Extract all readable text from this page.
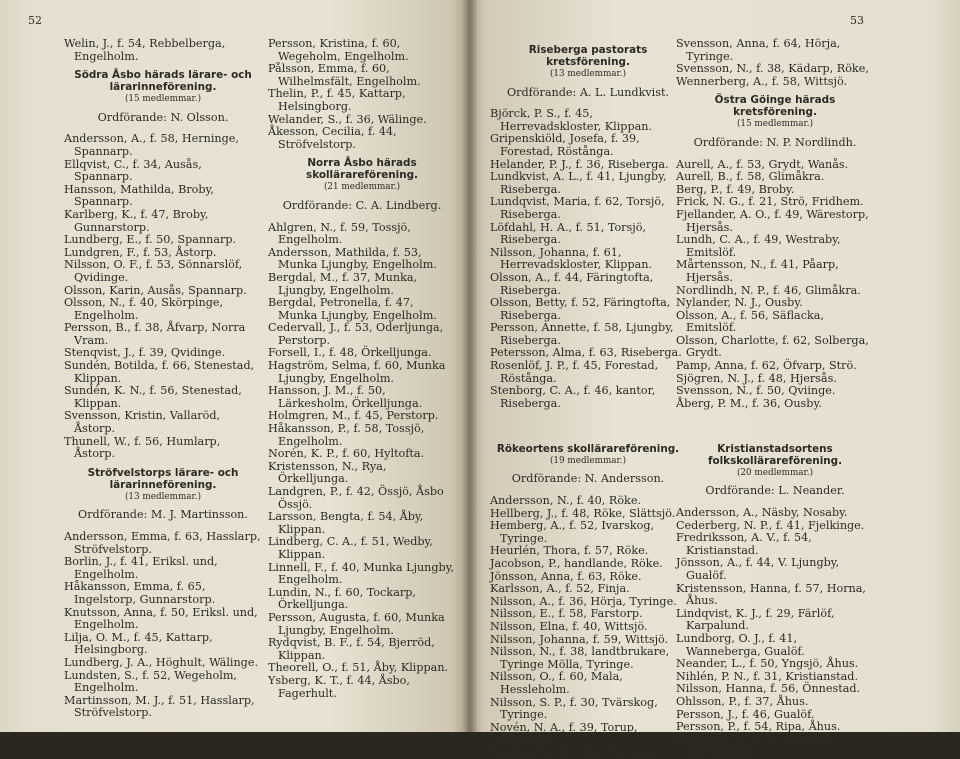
52

Welin, J., f. 54, Rebbelberga, Engelholm.

Södra Åsbo härads lärare- och lärarinneförening.

(15 medlemmar.)

Ordförande: N. Olsson.

Andersson, A., f. 58, Herninge, Spannarp.

Ellqvist, C., f. 34, Ausås, Spannarp.

Hansson, Mathilda, Broby, Spannarp.

Karlberg, K., f. 47, Broby, Gunnarstorp.

Lundberg, E., f. 50, Spannarp.

Lundgren, F., f. 53, Åstorp.

Nilsson, O. F., f. 53, Sönnarslöf, Qvidinge.

Olsson, Karin, Ausås, Spannarp.

Olsson, N., f. 40, Skörpinge, Engelholm.

Persson, B., f. 38, Åfvarp, Norra Vram.

Stenqvist, J., f. 39, Qvidinge.

Sundén, Botilda, f. 66, Stenestad, Klippan.

Sundén, K. N., f. 56, Stenestad, Klippan.

Svensson, Kristin, Vallaröd, Åstorp.

Thunell, W., f. 56, Humlarp, Åstorp.

Ströfvelstorps lärare- och

lärarinneförening.

(13 medlemmar.)

Ordförande: M. J. Martinsson.

Andersson, Emma, f. 63, Hasslarp, Ströfvelstorp.

Borlin, J., f. 41, Eriksl. und, Engelholm.

Håkansson, Emma, f. 65, Ingelstorp, Gunnarstorp.

Knutsson, Anna, f. 50, Eriksl. und, Engelholm.

Lilja, O. M., f. 45, Kattarp, Helsingborg.

Lundberg, J. A., Höghult, Wälinge.

Lundsten, S., f. 52, Wegeholm, Engelholm.

Martinsson, M. J., f. 51, Hasslarp, Ströfvelstorp.

Persson, Kristina, f. 60, Wegeholm, Engelholm.

Pålsson, Emma, f. 60, Wilhelmsfält, Engelholm.

Thelin, P., f. 45, Kattarp, Helsingborg.

Welander, S., f. 36, Wälinge.

Åkesson, Cecilia, f. 44, Ströfvelstorp.

Norra Åsbo härads skollärareförening.

(21 medlemmar.)

Ordförande: C. A. Lindberg.

Ahlgren, N., f. 59, Tossjö, Engelholm.

Andersson, Mathilda, f. 53, Munka Ljungby, Engelholm.

Bergdal, M., f. 37, Munka, Ljungby, Engelholm.

Bergdal, Petronella, f. 47, Munka Ljungby, Engelholm.

Cedervall, J., f. 53, Oderljunga, Perstorp.

Forsell, I., f. 48, Örkelljunga.

Hagström, Selma, f. 60, Munka Ljungby, Engelholm.

Hansson, J. M., f. 50, Lärkesholm, Örkelljunga.

Holmgren, M., f. 45, Perstorp.

Håkansson, P., f. 58, Tossjö, Engelholm.

Norén, K. P., f. 60, Hyltofta.

Kristensson, N., Rya, Örkelljunga.

Landgren, P., f. 42, Össjö, Åsbo Össjö.

Larsson, Bengta, f. 54, Åby, Klippan.

Lindberg, C. A., f. 51, Wedby, Klippan.

Linnell, F., f. 40, Munka Ljungby, Engelholm.

Lundin, N., f. 60, Tockarp, Örkelljunga.

Persson, Augusta, f. 60, Munka Ljungby, Engelholm.

Rydqvist, B. F., f. 54, Bjerröd, Klippan.

Theorell, O., f. 51, Åby, Klippan.

Ysberg, K. T., f. 44, Åsbo, Fagerhult.

53

Riseberga pastorats kretsförening.

(13 medlemmar.)

Ordförande: A. L. Lundkvist.

Björck, P. S., f. 45, Herrevadskloster, Klippan.

Gripenskiöld, Josefa, f. 39, Forestad, Röstånga.

Helander, P. J., f. 36, Riseberga.

Lundkvist, A. L., f. 41, Ljungby, Riseberga.

Lundqvist, Maria, f. 62, Torsjö, Riseberga.

Löfdahl, H. A., f. 51, Torsjö, Riseberga.

Nilsson, Johanna, f. 61, Herrevadskloster, Klippan.

Olsson, A., f. 44, Färingtofta, Riseberga.

Olsson, Betty, f. 52, Färingtofta, Riseberga.

Persson, Annette, f. 58, Ljungby, Riseberga.

Petersson, Alma, f. 63, Riseberga.

Rosenlöf, J. P., f. 45, Forestad, Röstånga.

Stenborg, C. A., f. 46, kantor, Riseberga.

Rökeortens skollärareförening.

(19 medlemmar.)

Ordförande: N. Andersson.

Andersson, N., f. 40, Röke.

Hellberg, J., f. 48, Röke, Slättsjö.

Hemberg, A., f. 52, Ivarskog, Tyringe.

Heurlén, Thora, f. 57, Röke.

Jacobson, P., handlande, Röke.

Jönsson, Anna, f. 63, Röke.

Karlsson, A., f. 52, Finja.

Nilsson, A., f. 36, Hörja, Tyringe.

Nilsson, E., f. 58, Farstorp.

Nilsson, Elna, f. 40, Wittsjö.

Nilsson, Johanna, f. 59, Wittsjö.

Nilsson, N., f. 38, landtbrukare, Tyringe Mölla, Tyringe.

Nilsson, O., f. 60, Mala, Hessleholm.

Nilsson, S. P., f. 30, Tvärskog, Tyringe.

Novén, N. A., f. 39, Torup, Perstorp.

Rosenqvist, J., f. 42, Farstorp.

Svensson, Anna, f. 64, Hörja, Tyringe.

Svensson, N., f. 38, Kädarp, Röke,

Wennerberg, A., f. 58, Wittsjö.

Östra Göinge härads kretsförening.

(15 medlemmar.)

Ordförande: N. P. Nordlindh.

Aurell, A., f. 53, Grydt, Wanås.

Aurell, B., f. 58, Glimåkra.

Berg, P., f. 49, Broby.

Frick, N. G., f. 21, Strö, Fridhem.

Fjellander, A. O., f. 49, Wärestorp, Hjersås.

Lundh, C. A., f. 49, Westraby, Emitslöf.

Mårtensson, N., f. 41, Påarp, Hjersås.

Nordlindh, N. P., f. 46, Glimåkra.

Nylander, N. J., Ousby.

Olsson, A., f. 56, Säflacka, Emitslöf.

Olsson, Charlotte, f. 62, Solberga, Grydt.

Pamp, Anna, f. 62, Öfvarp, Strö.

Sjögren, N. J., f. 48, Hjersås.

Svensson, N., f. 50, Qviinge.

Åberg, P. M., f. 36, Ousby.

Kristianstadsortens folkskollärareförening.

(20 medlemmar.)

Ordförande: L. Neander.

Andersson, A., Näsby, Nosaby.

Cederberg, N. P., f. 41, Fjelkinge.

Fredriksson, A. V., f. 54, Kristianstad.

Jönsson, A., f. 44, V. Ljungby, Gualöf.

Kristensson, Hanna, f. 57, Horna, Åhus.

Lindqvist, K. J., f. 29, Färlöf, Karpalund.

Lundborg, O. J., f. 41, Wanneberga, Gualöf.

Neander, L., f. 50, Yngsjö, Åhus.

Nihlén, P. N., f. 31, Kristianstad.

Nilsson, Hanna, f. 56, Önnestad.

Ohlsson, P., f. 37, Åhus.

Persson, J., f. 46, Gualöf.

Persson, P., f. 54, Ripa, Åhus.

Rignell, J. S., f. 31, Rinkaby, Kristianstad.
